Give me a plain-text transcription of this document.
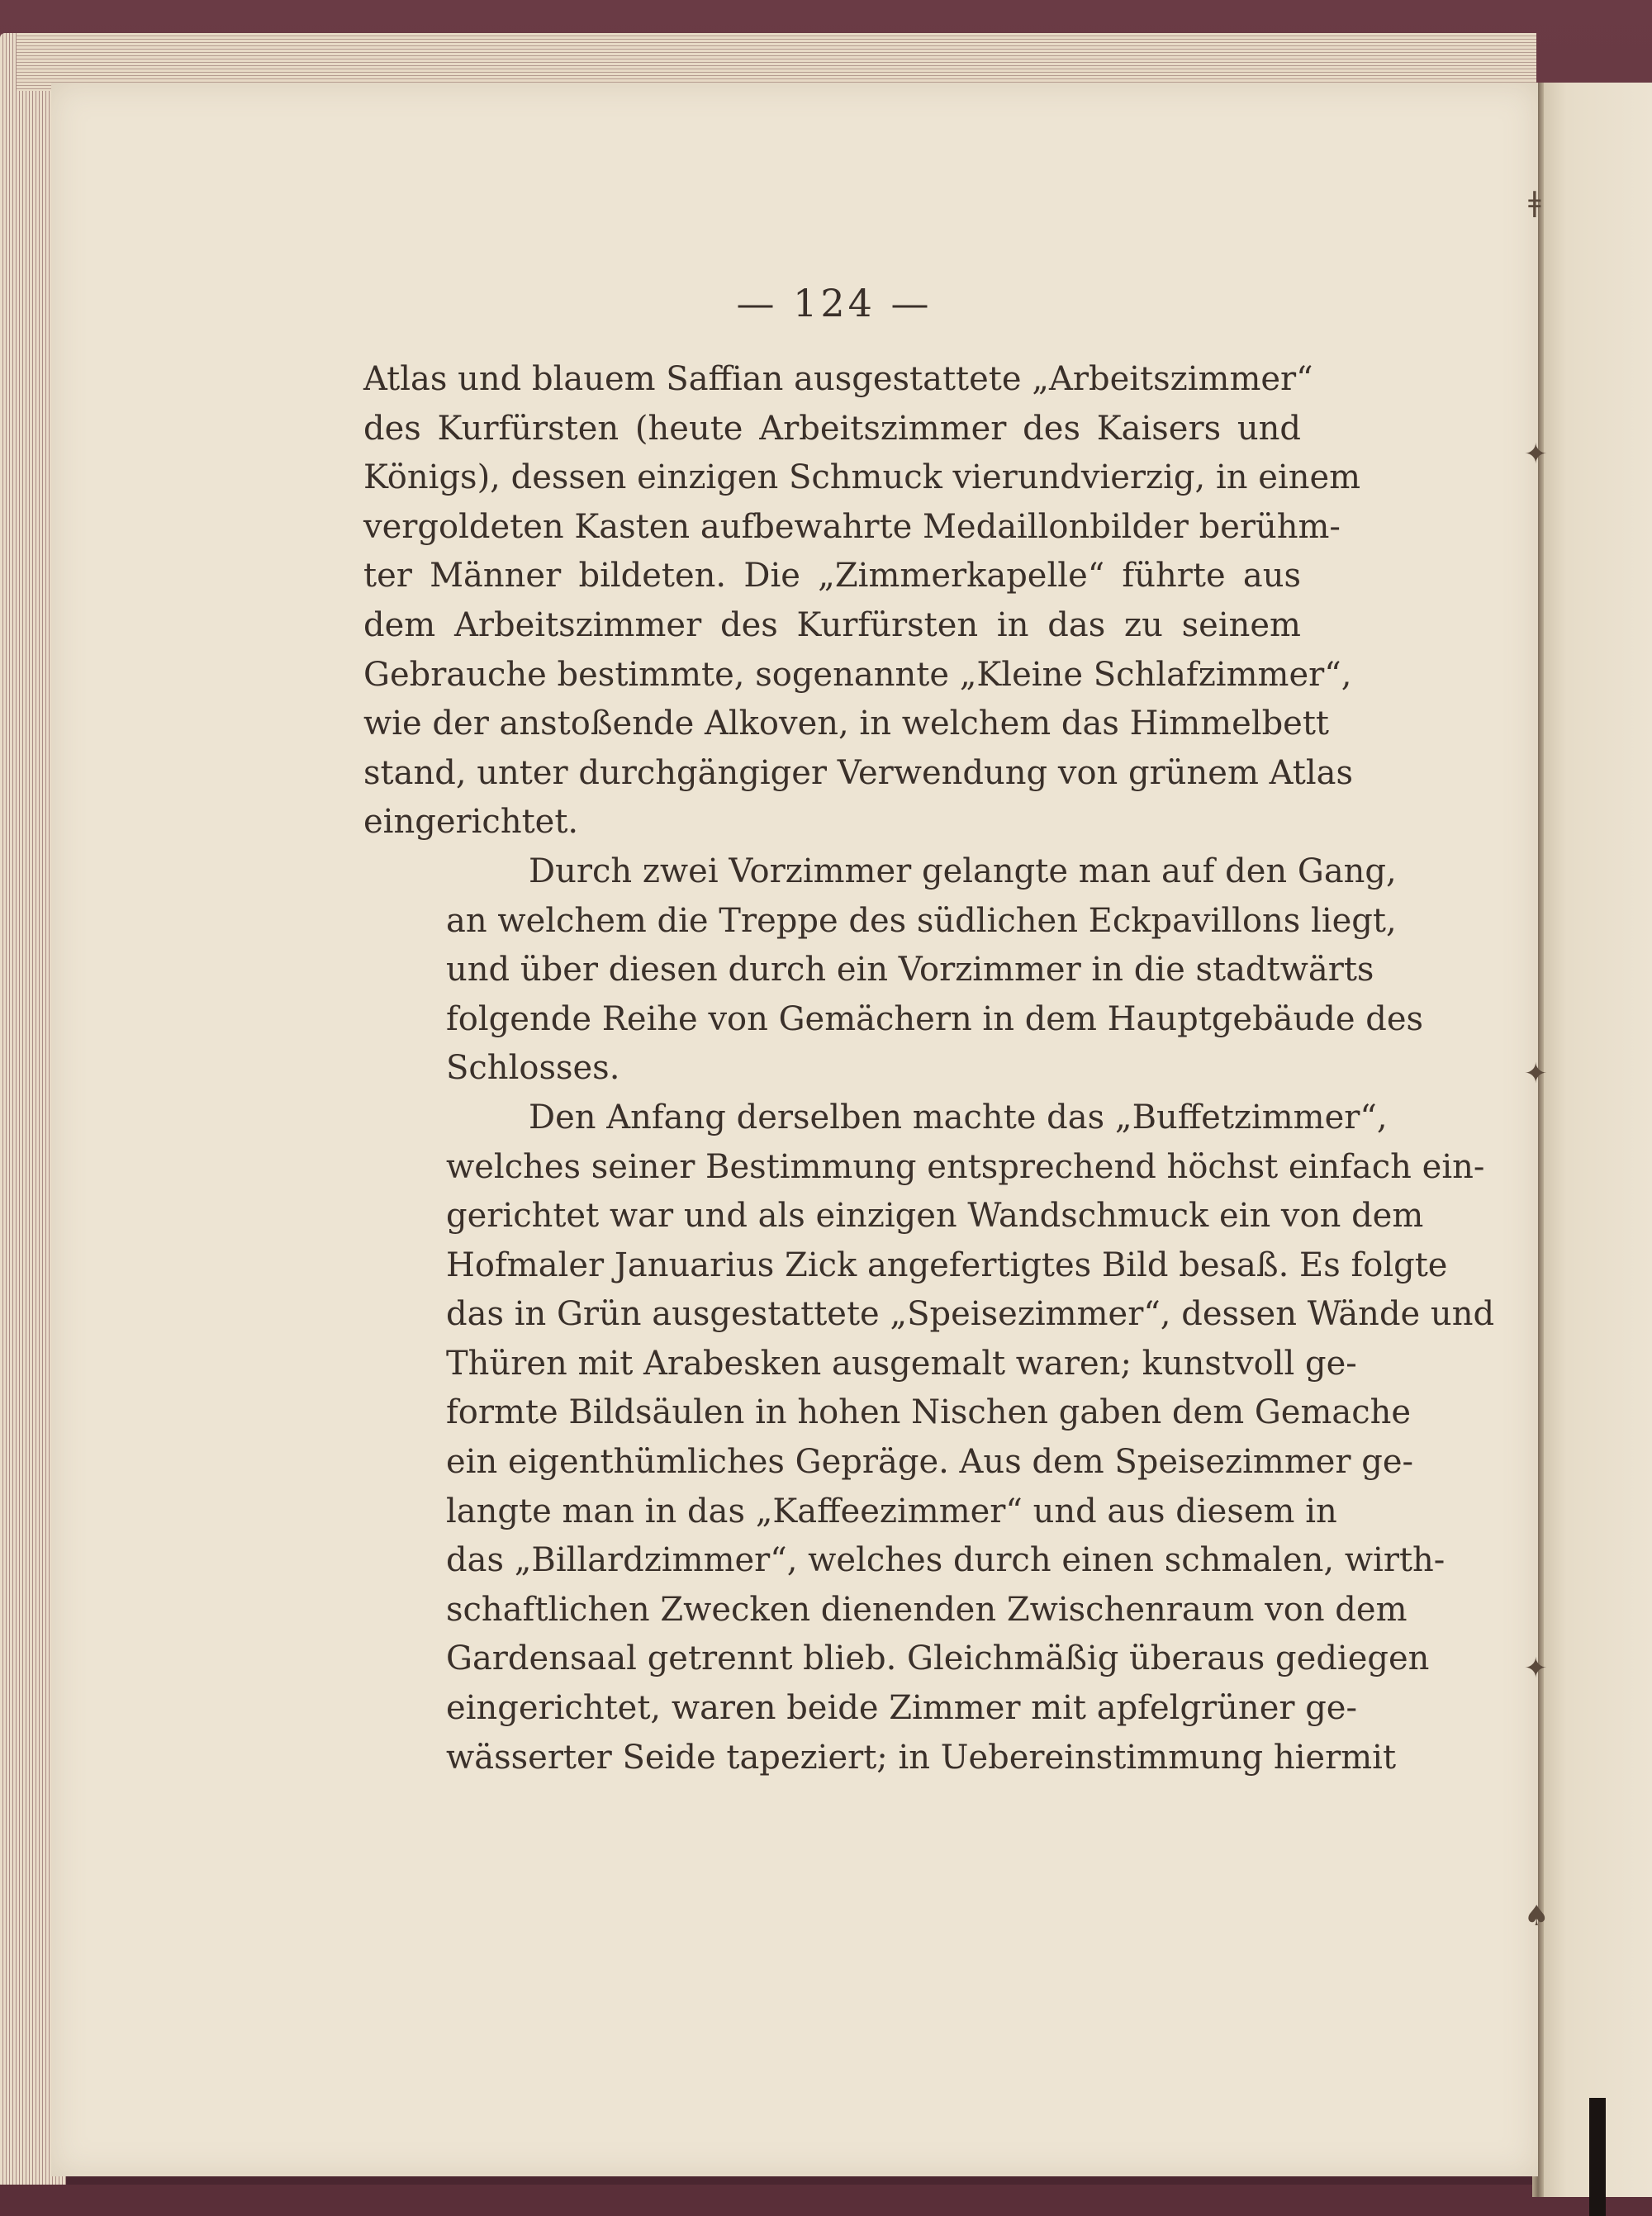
ǂ
✦
✦
✦
♠
— 124 —
Atlas und blauem Saffian ausgestattete „Arbeitszimmer“
des Kurfürsten (heute Arbeitszimmer des Kaisers und
Königs), dessen einzigen Schmuck vierundvierzig, in einem
vergoldeten Kasten aufbewahrte Medaillonbilder berühm-
ter Männer bildeten. Die „Zimmerkapelle“ führte aus
dem Arbeitszimmer des Kurfürsten in das zu seinem
Gebrauche bestimmte, sogenannte „Kleine Schlafzimmer“,
wie der anstoßende Alkoven, in welchem das Himmelbett
stand, unter durchgängiger Verwendung von grünem Atlas
eingerichtet.
Durch zwei Vorzimmer gelangte man auf den Gang,
an welchem die Treppe des südlichen Eckpavillons liegt,
und über diesen durch ein Vorzimmer in die stadtwärts
folgende Reihe von Gemächern in dem Hauptgebäude des
Schlosses.
Den Anfang derselben machte das „Buffetzimmer“,
welches seiner Bestimmung entsprechend höchst einfach ein-
gerichtet war und als einzigen Wandschmuck ein von dem
Hofmaler Januarius Zick angefertigtes Bild besaß. Es folgte
das in Grün ausgestattete „Speisezimmer“, dessen Wände und
Thüren mit Arabesken ausgemalt waren; kunstvoll ge-
formte Bildsäulen in hohen Nischen gaben dem Gemache
ein eigenthümliches Gepräge. Aus dem Speisezimmer ge-
langte man in das „Kaffeezimmer“ und aus diesem in
das „Billardzimmer“, welches durch einen schmalen, wirth-
schaftlichen Zwecken dienenden Zwischenraum von dem
Gardensaal getrennt blieb. Gleichmäßig überaus gediegen
eingerichtet, waren beide Zimmer mit apfelgrüner ge-
wässerter Seide tapeziert; in Uebereinstimmung hiermit
